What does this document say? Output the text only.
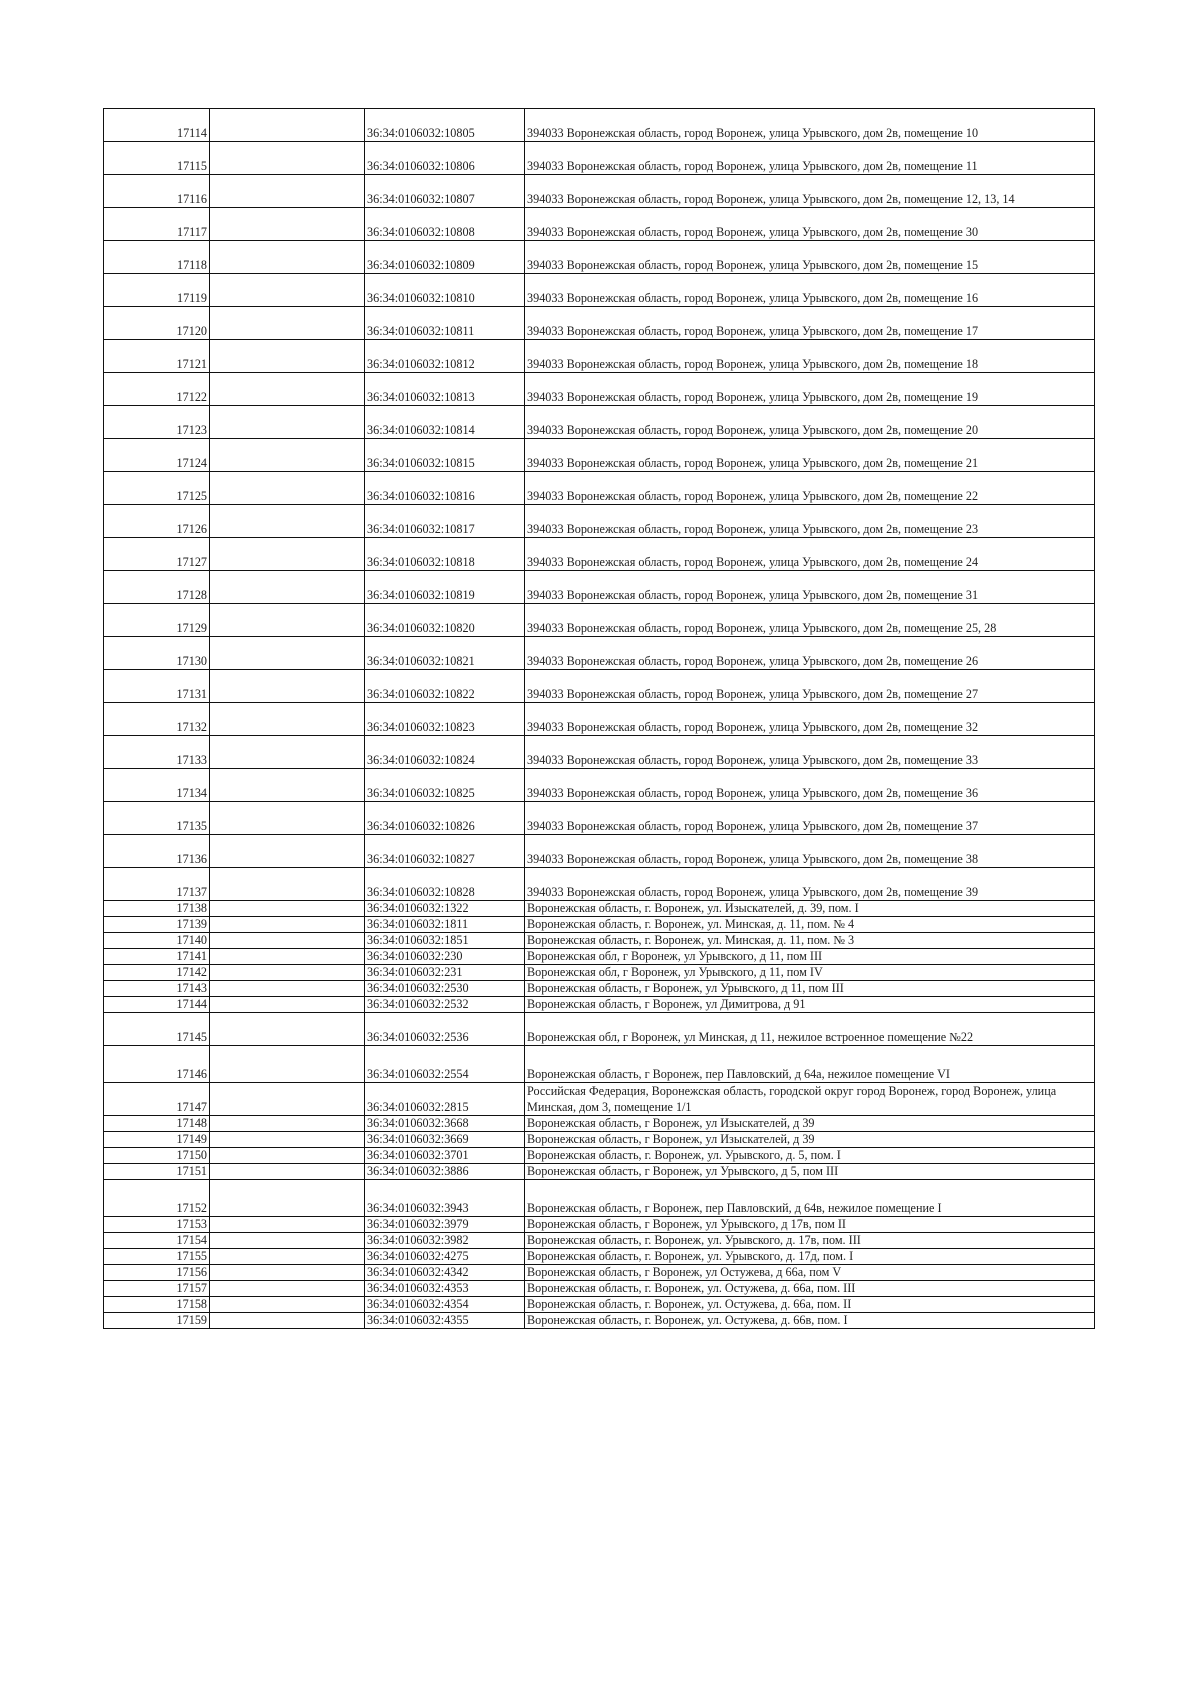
17114		36:34:0106032:10805	394033 Воронежская область, город Воронеж, улица Урывского, дом 2в, помещение 10
17115		36:34:0106032:10806	394033 Воронежская область, город Воронеж, улица Урывского, дом 2в, помещение 11
17116		36:34:0106032:10807	394033 Воронежская область, город Воронеж, улица Урывского, дом 2в, помещение 12, 13, 14
17117		36:34:0106032:10808	394033 Воронежская область, город Воронеж, улица Урывского, дом 2в, помещение 30
17118		36:34:0106032:10809	394033 Воронежская область, город Воронеж, улица Урывского, дом 2в, помещение 15
17119		36:34:0106032:10810	394033 Воронежская область, город Воронеж, улица Урывского, дом 2в, помещение 16
17120		36:34:0106032:10811	394033 Воронежская область, город Воронеж, улица Урывского, дом 2в, помещение 17
17121		36:34:0106032:10812	394033 Воронежская область, город Воронеж, улица Урывского, дом 2в, помещение 18
17122		36:34:0106032:10813	394033 Воронежская область, город Воронеж, улица Урывского, дом 2в, помещение 19
17123		36:34:0106032:10814	394033 Воронежская область, город Воронеж, улица Урывского, дом 2в, помещение 20
17124		36:34:0106032:10815	394033 Воронежская область, город Воронеж, улица Урывского, дом 2в, помещение 21
17125		36:34:0106032:10816	394033 Воронежская область, город Воронеж, улица Урывского, дом 2в, помещение 22
17126		36:34:0106032:10817	394033 Воронежская область, город Воронеж, улица Урывского, дом 2в, помещение 23
17127		36:34:0106032:10818	394033 Воронежская область, город Воронеж, улица Урывского, дом 2в, помещение 24
17128		36:34:0106032:10819	394033 Воронежская область, город Воронеж, улица Урывского, дом 2в, помещение 31
17129		36:34:0106032:10820	394033 Воронежская область, город Воронеж, улица Урывского, дом 2в, помещение 25, 28
17130		36:34:0106032:10821	394033 Воронежская область, город Воронеж, улица Урывского, дом 2в, помещение 26
17131		36:34:0106032:10822	394033 Воронежская область, город Воронеж, улица Урывского, дом 2в, помещение 27
17132		36:34:0106032:10823	394033 Воронежская область, город Воронеж, улица Урывского, дом 2в, помещение 32
17133		36:34:0106032:10824	394033 Воронежская область, город Воронеж, улица Урывского, дом 2в, помещение 33
17134		36:34:0106032:10825	394033 Воронежская область, город Воронеж, улица Урывского, дом 2в, помещение 36
17135		36:34:0106032:10826	394033 Воронежская область, город Воронеж, улица Урывского, дом 2в, помещение 37
17136		36:34:0106032:10827	394033 Воронежская область, город Воронеж, улица Урывского, дом 2в, помещение 38
17137		36:34:0106032:10828	394033 Воронежская область, город Воронеж, улица Урывского, дом 2в, помещение 39
17138		36:34:0106032:1322	Воронежская область, г. Воронеж, ул. Изыскателей, д. 39, пом. I
17139		36:34:0106032:1811	Воронежская область, г. Воронеж, ул. Минская, д. 11, пом. № 4
17140		36:34:0106032:1851	Воронежская область, г. Воронеж, ул. Минская, д. 11, пом. № 3
17141		36:34:0106032:230	Воронежская обл, г Воронеж, ул Урывского, д 11, пом III
17142		36:34:0106032:231	Воронежская обл, г Воронеж, ул Урывского, д 11, пом IV
17143		36:34:0106032:2530	Воронежская область, г Воронеж, ул Урывского, д 11, пом III
17144		36:34:0106032:2532	Воронежская область, г Воронеж, ул Димитрова, д 91
17145		36:34:0106032:2536	Воронежская обл, г Воронеж, ул Минская, д 11, нежилое встроенное помещение №22
17146		36:34:0106032:2554	Воронежская область, г Воронеж, пер Павловский, д 64а, нежилое помещение VI
17147		36:34:0106032:2815	Российская Федерация, Воронежская область, городской округ город Воронеж, город Воронеж, улица Минская, дом 3, помещение 1/1
17148		36:34:0106032:3668	Воронежская область, г Воронеж, ул Изыскателей, д 39
17149		36:34:0106032:3669	Воронежская область, г Воронеж, ул Изыскателей, д 39
17150		36:34:0106032:3701	Воронежская область, г. Воронеж, ул. Урывского, д. 5, пом. I
17151		36:34:0106032:3886	Воронежская область, г Воронеж, ул Урывского, д 5, пом III
17152		36:34:0106032:3943	Воронежская область, г Воронеж, пер Павловский, д 64в, нежилое помещение I
17153		36:34:0106032:3979	Воронежская область, г Воронеж, ул Урывского, д 17в, пом II
17154		36:34:0106032:3982	Воронежская область, г. Воронеж, ул. Урывского, д. 17в, пом. III
17155		36:34:0106032:4275	Воронежская область, г. Воронеж, ул. Урывского, д. 17д, пом. I
17156		36:34:0106032:4342	Воронежская область, г Воронеж, ул Остужева, д 66а, пом V
17157		36:34:0106032:4353	Воронежская область, г. Воронеж, ул. Остужева, д. 66а, пом. III
17158		36:34:0106032:4354	Воронежская область, г. Воронеж, ул. Остужева, д. 66а, пом. II
17159		36:34:0106032:4355	Воронежская область, г. Воронеж, ул. Остужева, д. 66в, пом. I
